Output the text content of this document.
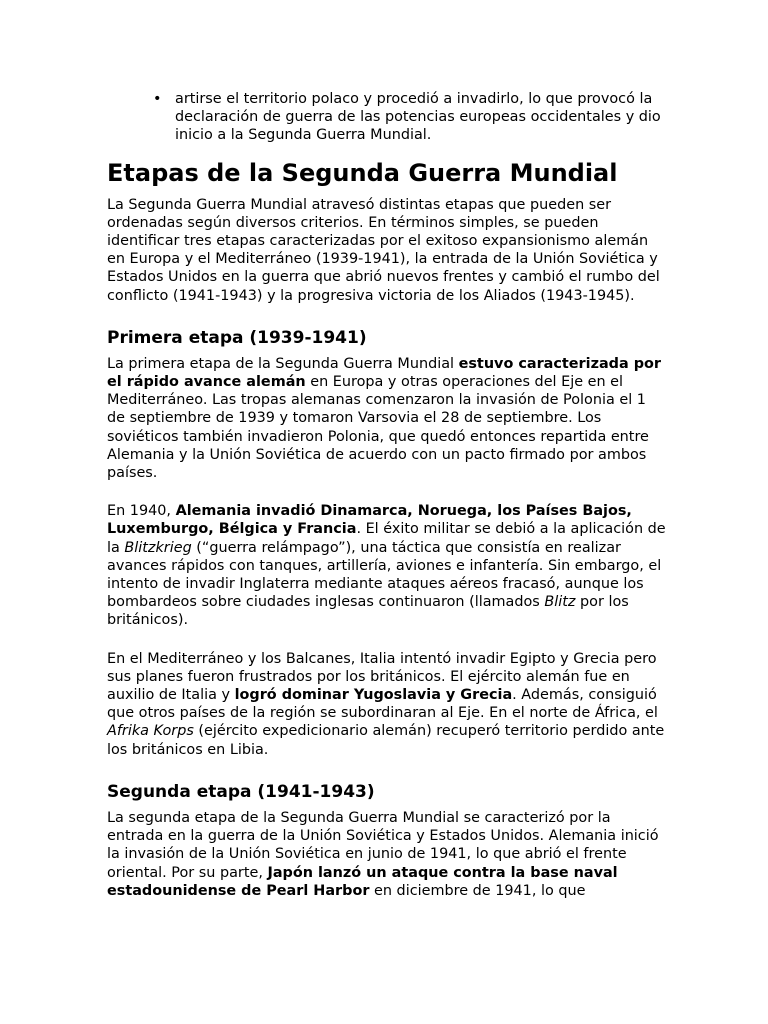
• artirse el territorio polaco y procedió a invadirlo, lo que provocó la declaración de guerra de las potencias europeas occidentales y dio inicio a la Segunda Guerra Mundial.
Etapas de la Segunda Guerra Mundial

La Segunda Guerra Mundial atravesó distintas etapas que pueden ser ordenadas según diversos criterios. En términos simples, se pueden identificar tres etapas caracterizadas por el exitoso expansionismo alemán en Europa y el Mediterráneo (1939-1941), la entrada de la Unión Soviética y Estados Unidos en la guerra que abrió nuevos frentes y cambió el rumbo del conflicto (1941-1943) y la progresiva victoria de los Aliados (1943-1945).

Primera etapa (1939-1941)

La primera etapa de la Segunda Guerra Mundial estuvo caracterizada por el rápido avance alemán en Europa y otras operaciones del Eje en el Mediterráneo. Las tropas alemanas comenzaron la invasión de Polonia el 1 de septiembre de 1939 y tomaron Varsovia el 28 de septiembre. Los soviéticos también invadieron Polonia, que quedó entonces repartida entre Alemania y la Unión Soviética de acuerdo con un pacto firmado por ambos países.

En 1940, Alemania invadió Dinamarca, Noruega, los Países Bajos, Luxemburgo, Bélgica y Francia. El éxito militar se debió a la aplicación de la Blitzkrieg (“guerra relámpago”), una táctica que consistía en realizar avances rápidos con tanques, artillería, aviones e infantería. Sin embargo, el intento de invadir Inglaterra mediante ataques aéreos fracasó, aunque los bombardeos sobre ciudades inglesas continuaron (llamados Blitz por los británicos).

En el Mediterráneo y los Balcanes, Italia intentó invadir Egipto y Grecia pero sus planes fueron frustrados por los británicos. El ejército alemán fue en auxilio de Italia y logró dominar Yugoslavia y Grecia. Además, consiguió que otros países de la región se subordinaran al Eje. En el norte de África, el Afrika Korps (ejército expedicionario alemán) recuperó territorio perdido ante los británicos en Libia.

Segunda etapa (1941-1943)

La segunda etapa de la Segunda Guerra Mundial se caracterizó por la entrada en la guerra de la Unión Soviética y Estados Unidos. Alemania inició la invasión de la Unión Soviética en junio de 1941, lo que abrió el frente oriental. Por su parte, Japón lanzó un ataque contra la base naval estadounidense de Pearl Harbor en diciembre de 1941, lo que
